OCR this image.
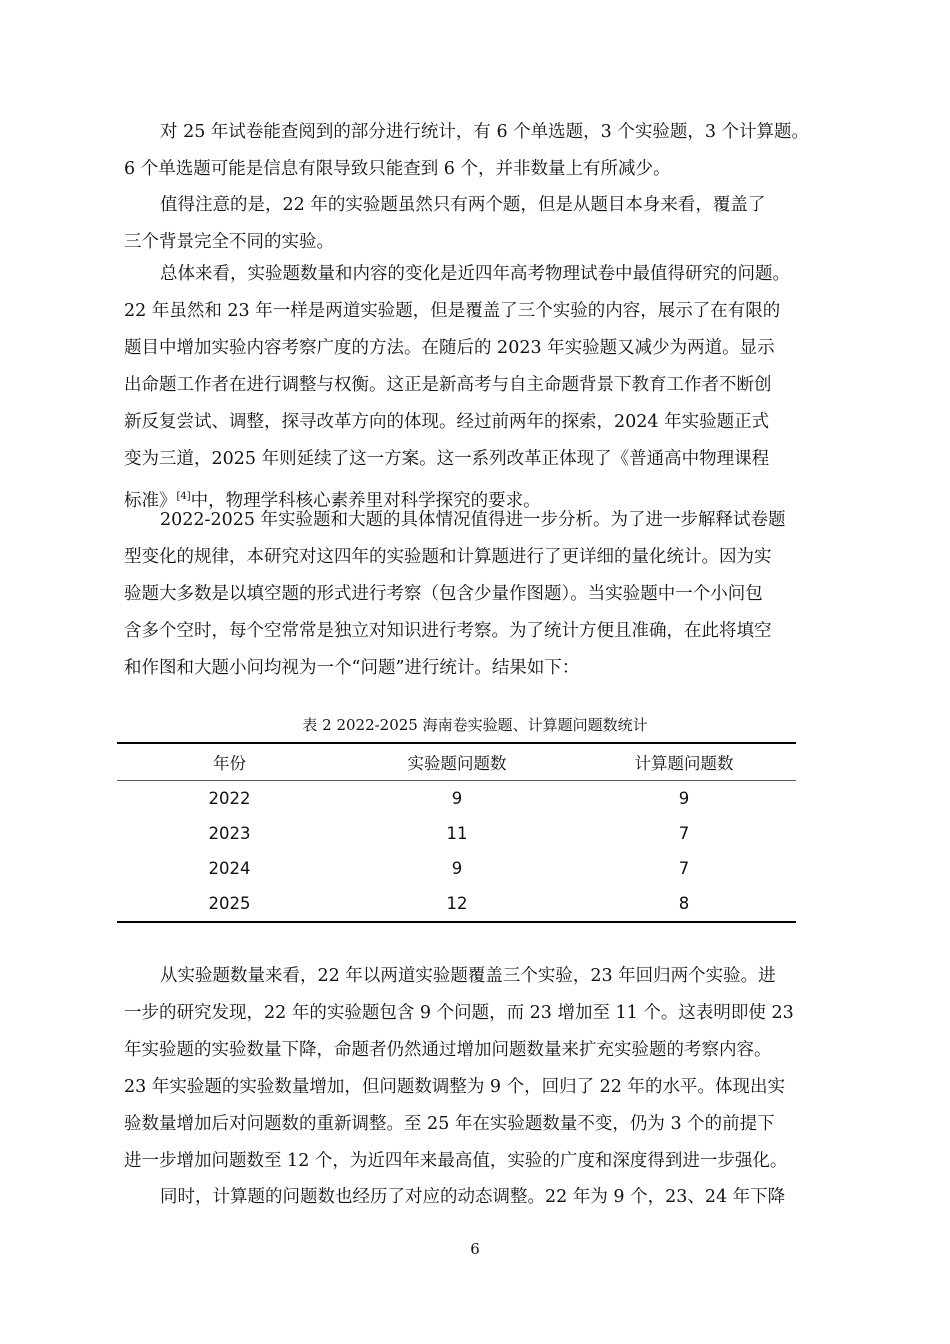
对 25 年试卷能查阅到的部分进行统计，有 6 个单选题，3 个实验题，3 个计算题。
6 个单选题可能是信息有限导致只能查到 6 个，并非数量上有所减少。

值得注意的是，22 年的实验题虽然只有两个题，但是从题目本身来看，覆盖了
三个背景完全不同的实验。

总体来看，实验题数量和内容的变化是近四年高考物理试卷中最值得研究的问题。
22 年虽然和 23 年一样是两道实验题，但是覆盖了三个实验的内容，展示了在有限的
题目中增加实验内容考察广度的方法。在随后的 2023 年实验题又减少为两道。显示
出命题工作者在进行调整与权衡。这正是新高考与自主命题背景下教育工作者不断创
新反复尝试、调整，探寻改革方向的体现。经过前两年的探索，2024 年实验题正式
变为三道，2025 年则延续了这一方案。这一系列改革正体现了《普通高中物理课程
标准》[4]中，物理学科核心素养里对科学探究的要求。

2022-2025 年实验题和大题的具体情况值得进一步分析。为了进一步解释试卷题
型变化的规律，本研究对这四年的实验题和计算题进行了更详细的量化统计。因为实
验题大多数是以填空题的形式进行考察（包含少量作图题）。当实验题中一个小问包
含多个空时，每个空常常是独立对知识进行考察。为了统计方便且准确，在此将填空
和作图和大题小问均视为一个“问题”进行统计。结果如下：

表 2 2022-2025 海南卷实验题、计算题问题数统计
年份	实验题问题数	计算题问题数
2022	9	9
2023	11	7
2024	9	7
2025	12	8

从实验题数量来看，22 年以两道实验题覆盖三个实验，23 年回归两个实验。进
一步的研究发现，22 年的实验题包含 9 个问题，而 23 增加至 11 个。这表明即使 23
年实验题的实验数量下降，命题者仍然通过增加问题数量来扩充实验题的考察内容。
23 年实验题的实验数量增加，但问题数调整为 9 个，回归了 22 年的水平。体现出实
验数量增加后对问题数的重新调整。至 25 年在实验题数量不变，仍为 3 个的前提下
进一步增加问题数至 12 个，为近四年来最高值，实验的广度和深度得到进一步强化。

同时，计算题的问题数也经历了对应的动态调整。22 年为 9 个，23、24 年下降

6
